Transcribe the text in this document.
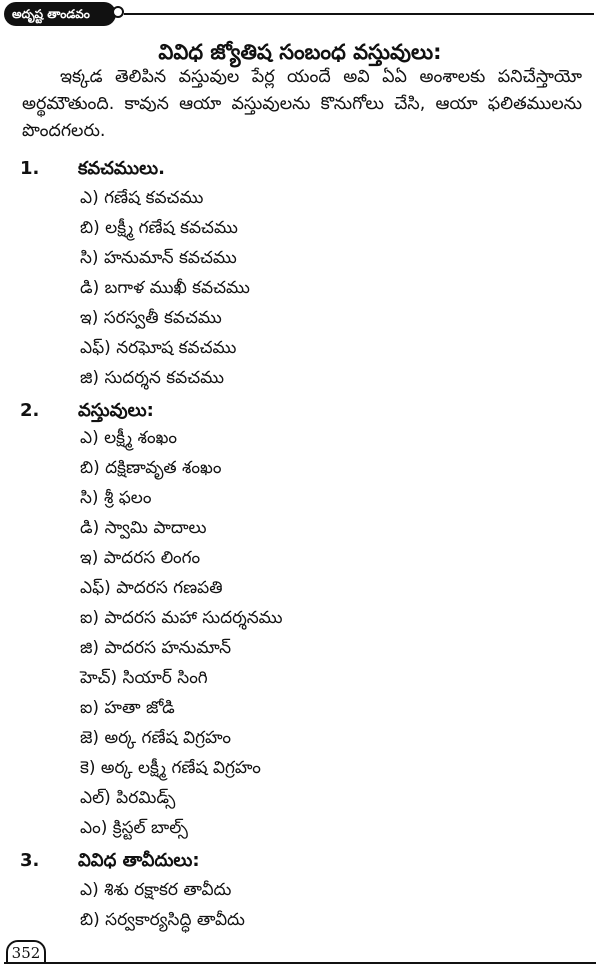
అదృష్ట తాండవం
వివిధ జ్యోతిష సంబంధ వస్తువులు:

ఇక్కడ తెలిపిన వస్తువుల పేర్ల యందే అవి ఏఏ అంశాలకు పనిచేస్తాయో అర్థమౌతుంది. కావున ఆయా వస్తువులను కొనుగోలు చేసి, ఆయా ఫలితములను పొందగలరు.

1. కవచములు.
ఎ) గణేష కవచము
బి) లక్ష్మీ గణేష కవచము
సి) హనుమాన్ కవచము
డి) బగాళ ముఖీ కవచము
ఇ) సరస్వతీ కవచము
ఎఫ్) నరఘోష కవచము
జి) సుదర్శన కవచము
2. వస్తువులు:
ఎ) లక్ష్మీ శంఖం
బి) దక్షిణావృత శంఖం
సి) శ్రీ ఫలం
డి) స్వామి పాదాలు
ఇ) పాదరస లింగం
ఎఫ్) పాదరస గణపతి
ఐ) పాదరస మహా సుదర్శనము
జి) పాదరస హనుమాన్
హెచ్) సియార్ సింగి
ఐ) హతా జోడి
జె) అర్క గణేష విగ్రహం
కె) అర్క లక్ష్మీ గణేష విగ్రహం
ఎల్) పిరమిడ్స్
ఎం) క్రిస్టల్ బాల్స్
3. వివిధ తావీదులు:
ఎ) శిశు రక్షాకర తావీదు
బి) సర్వకార్యసిద్ధి తావీదు
352
